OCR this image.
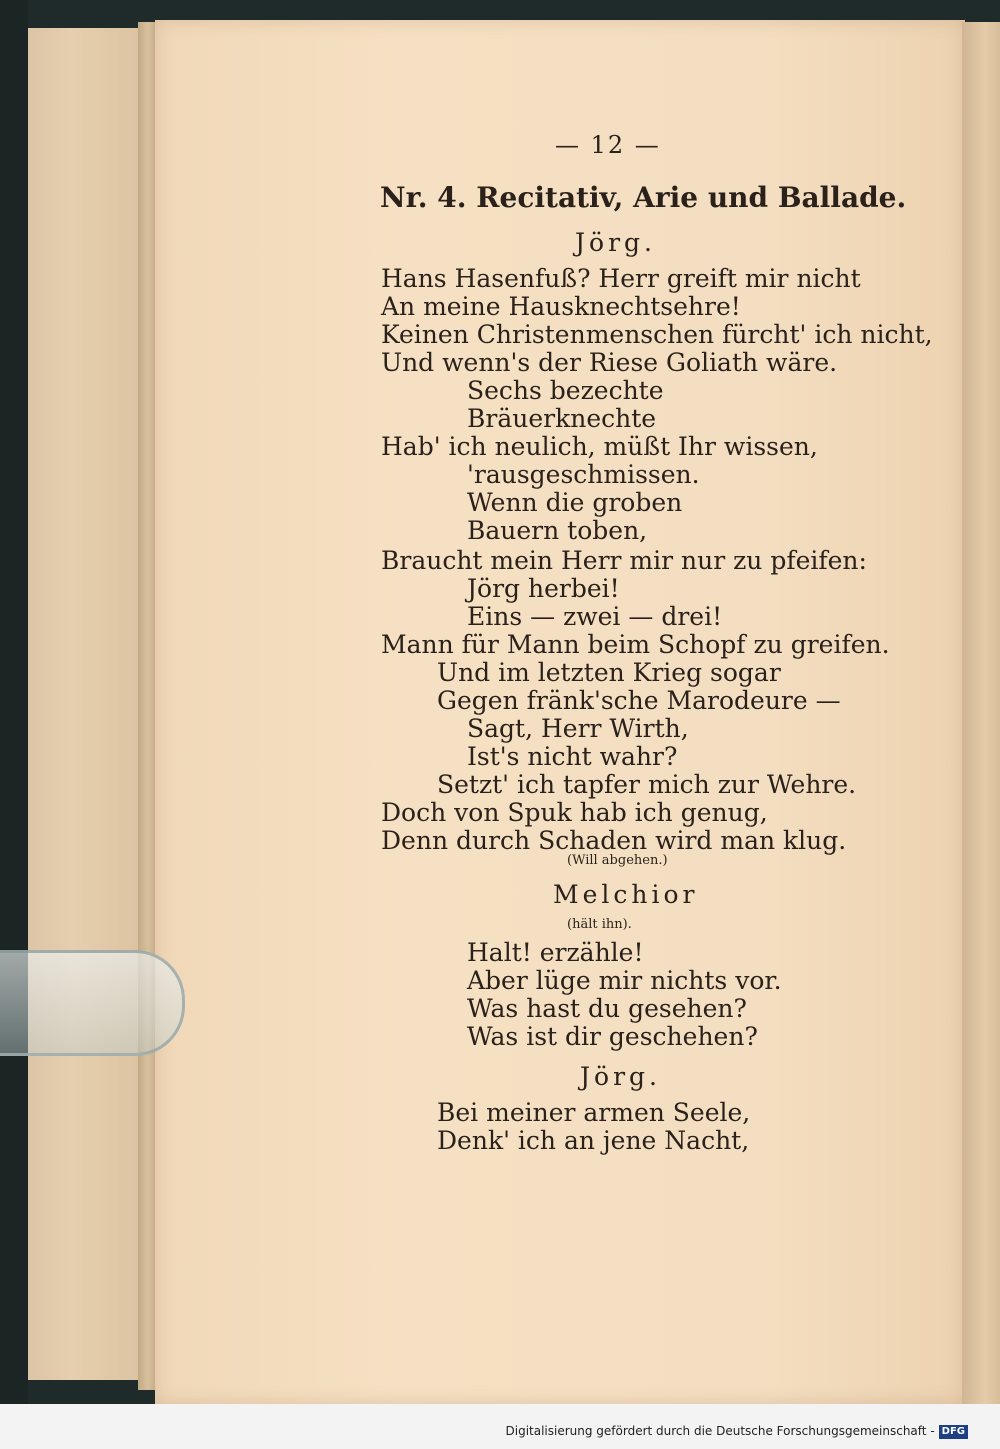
— 12 —
Nr. 4. Recitativ, Arie und Ballade.
Jörg.
Hans Hasenfuß? Herr greift mir nicht
An meine Hausknechtsehre!
Keinen Christenmenschen fürcht' ich nicht,
Und wenn's der Riese Goliath wäre.
Sechs bezechte
Bräuerknechte
Hab' ich neulich, müßt Ihr wissen,
'rausgeschmissen.
Wenn die groben
Bauern toben,
Braucht mein Herr mir nur zu pfeifen:
Jörg herbei!
Eins — zwei — drei!
Mann für Mann beim Schopf zu greifen.
Und im letzten Krieg sogar
Gegen fränk'sche Marodeure —
Sagt, Herr Wirth,
Ist's nicht wahr?
Setzt' ich tapfer mich zur Wehre.
Doch von Spuk hab ich genug,
Denn durch Schaden wird man klug.
(Will abgehen.)
Melchior
(hält ihn).
Halt! erzähle!
Aber lüge mir nichts vor.
Was hast du gesehen?
Was ist dir geschehen?
Jörg.
Bei meiner armen Seele,
Denk' ich an jene Nacht,
Digitalisierung gefördert durch die Deutsche Forschungsgemeinschaft - DFG
